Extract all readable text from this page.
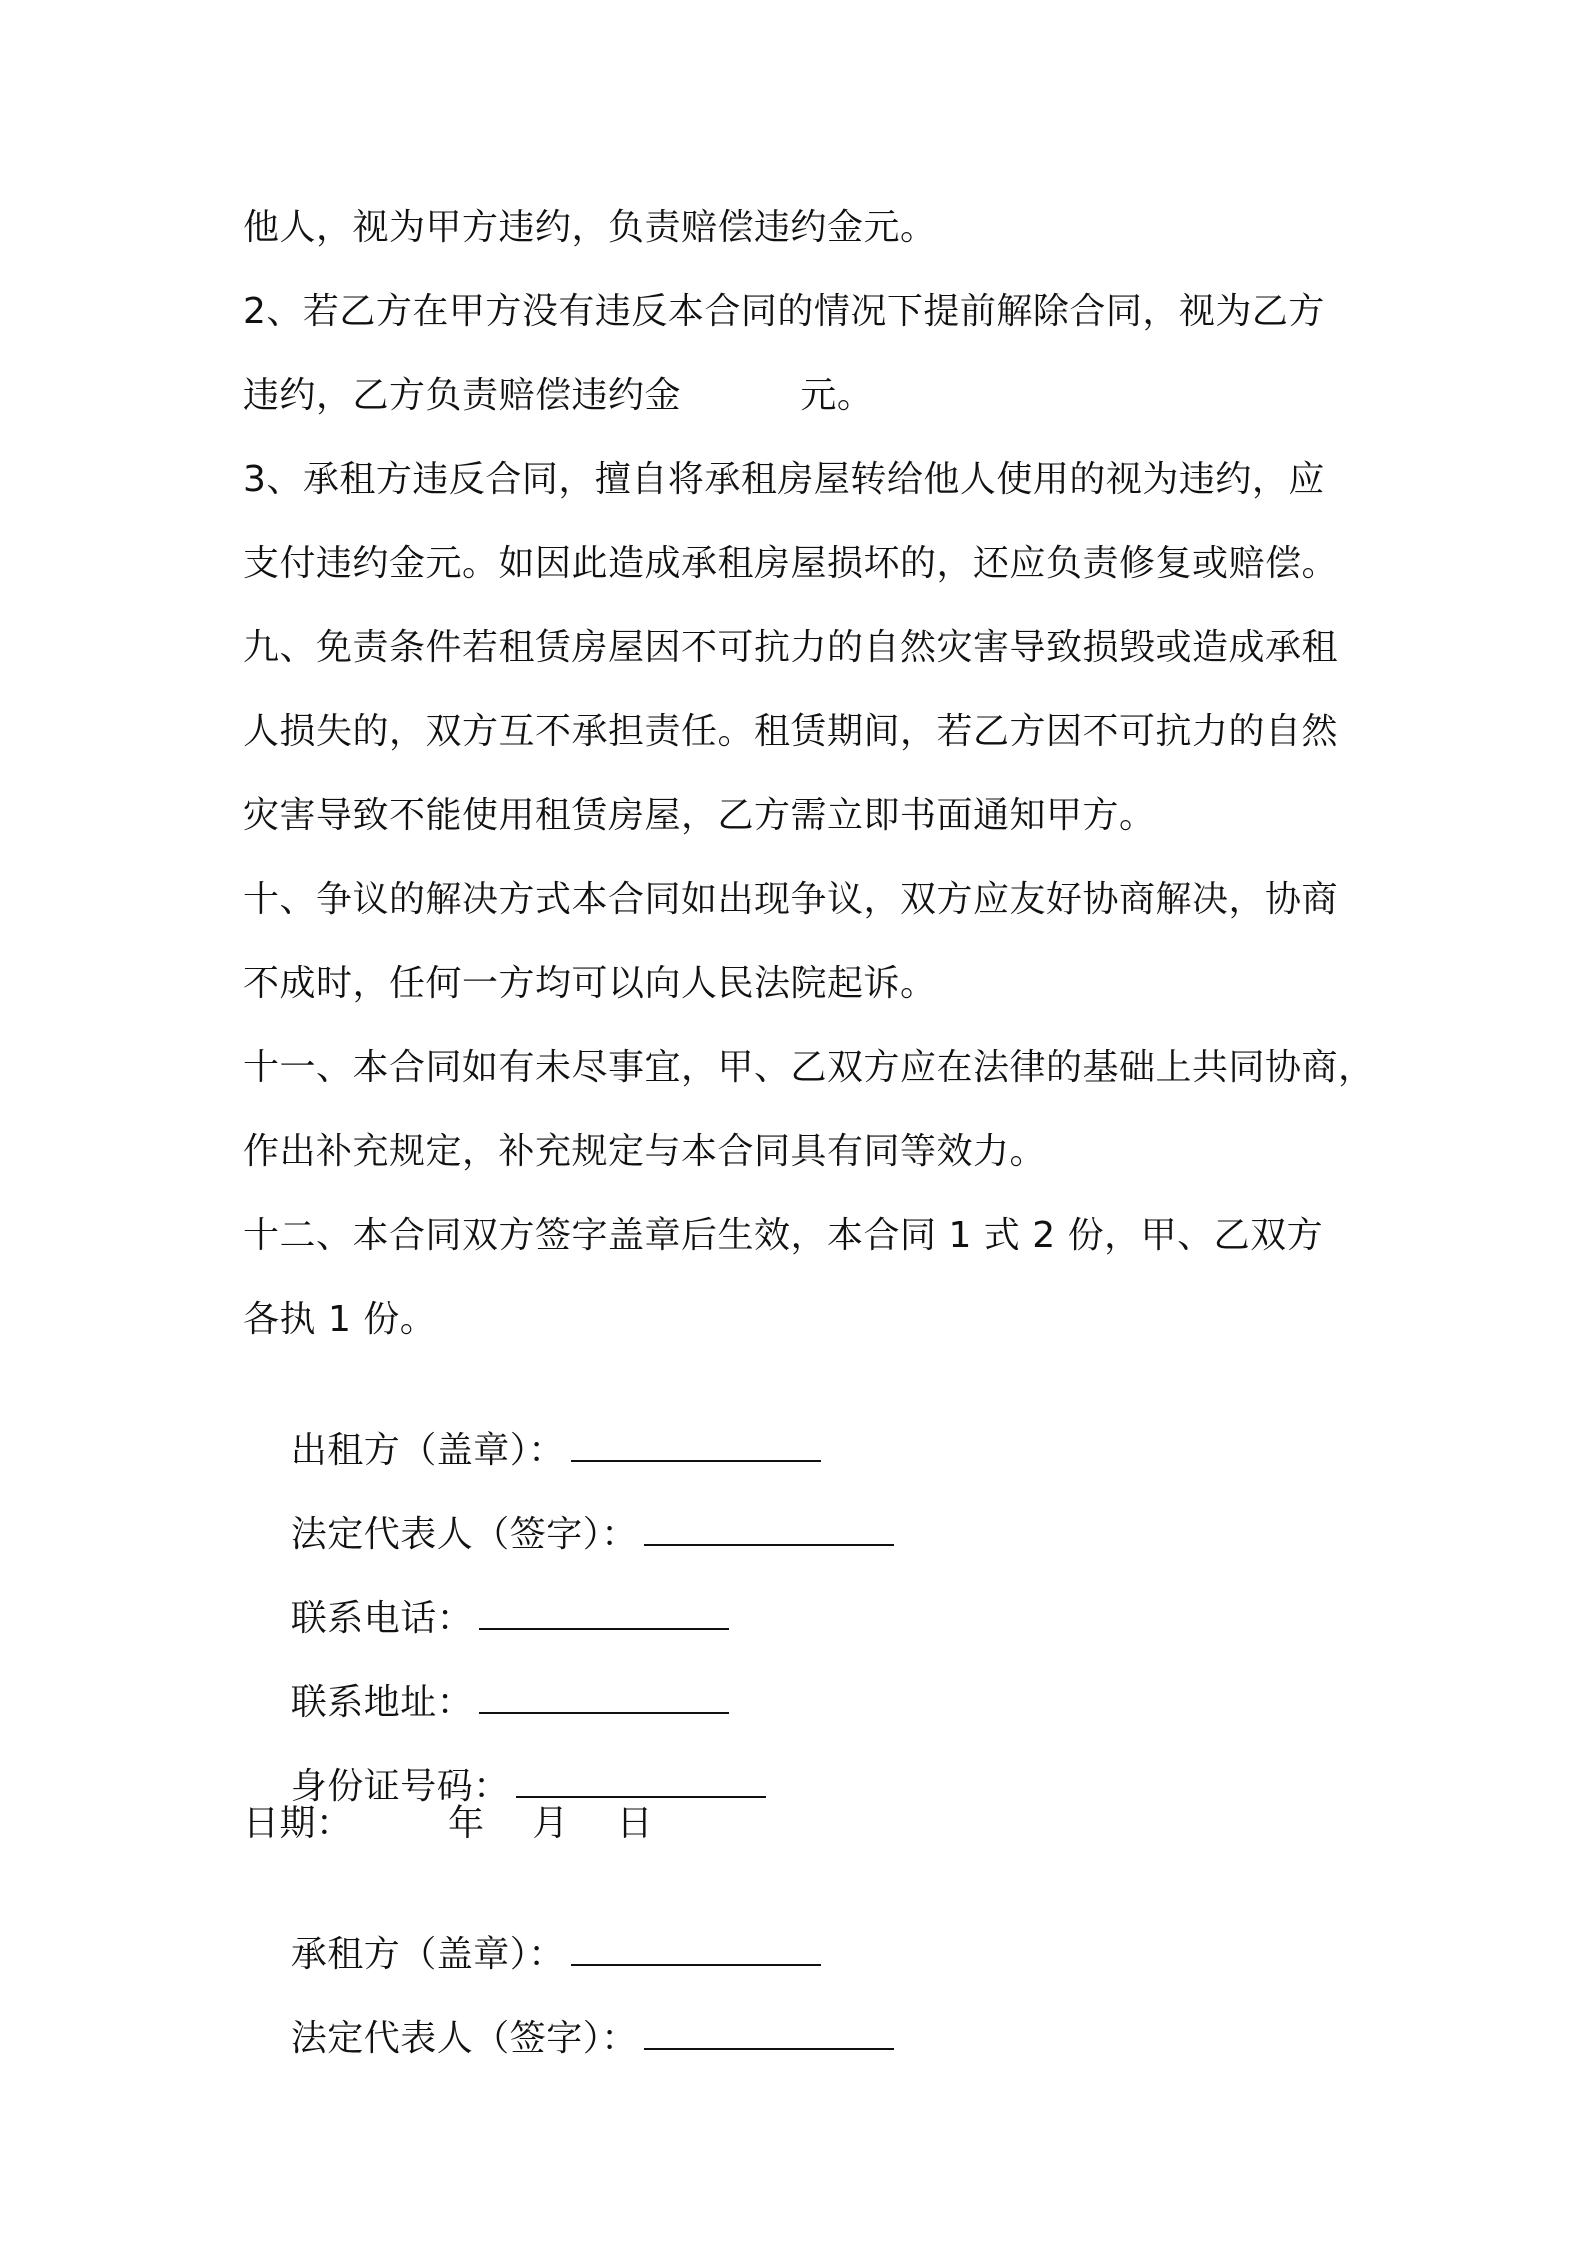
他人，视为甲方违约，负责赔偿违约金元。
2、若乙方在甲方没有违反本合同的情况下提前解除合同，视为乙方
违约，乙方负责赔偿违约金          元。
3、承租方违反合同，擅自将承租房屋转给他人使用的视为违约，应
支付违约金元。如因此造成承租房屋损坏的，还应负责修复或赔偿。
九、免责条件若租赁房屋因不可抗力的自然灾害导致损毁或造成承租
人损失的，双方互不承担责任。租赁期间，若乙方因不可抗力的自然
灾害导致不能使用租赁房屋，乙方需立即书面通知甲方。
十、争议的解决方式本合同如出现争议，双方应友好协商解决，协商
不成时，任何一方均可以向人民法院起诉。
十一、本合同如有未尽事宜，甲、乙双方应在法律的基础上共同协商，
作出补充规定，补充规定与本合同具有同等效力。
十二、本合同双方签字盖章后生效，本合同 1 式 2 份，甲、乙双方
各执 1 份。

出租方（盖章）：

法定代表人（签字）：

联系电话：

联系地址：

身份证号码：

日期：        年    月    日

承租方（盖章）：

法定代表人（签字）：
